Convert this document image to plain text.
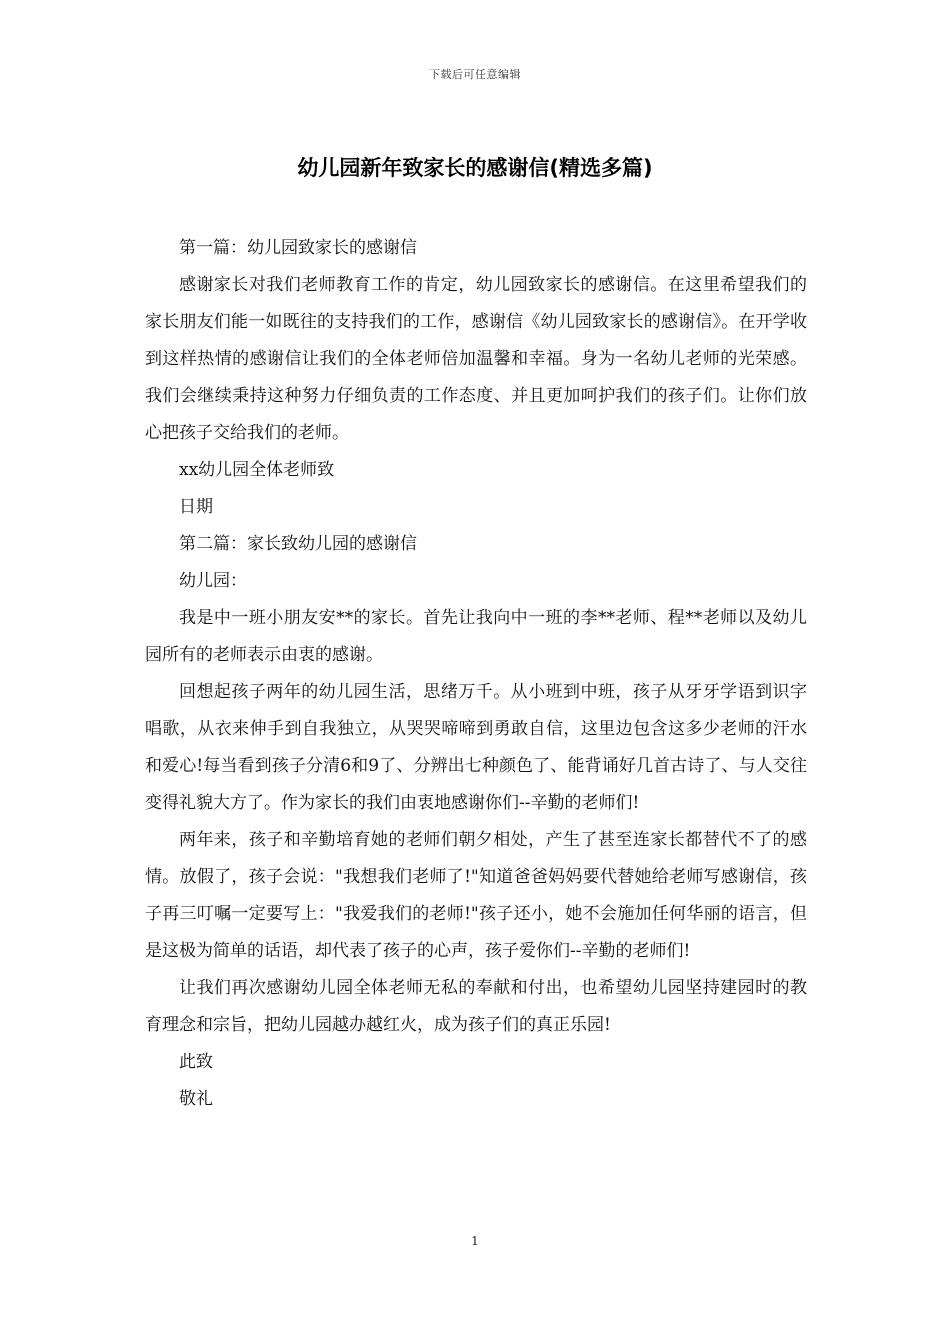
下载后可任意编辑
幼儿园新年致家长的感谢信(精选多篇)

第一篇：幼儿园致家长的感谢信

感谢家长对我们老师教育工作的肯定，幼儿园致家长的感谢信。在这里希望我们的家长朋友们能一如既往的支持我们的工作，感谢信《幼儿园致家长的感谢信》。在开学收到这样热情的感谢信让我们的全体老师倍加温馨和幸福。身为一名幼儿老师的光荣感。我们会继续秉持这种努力仔细负责的工作态度、并且更加呵护我们的孩子们。让你们放心把孩子交给我们的老师。

xx幼儿园全体老师致

日期

第二篇：家长致幼儿园的感谢信

幼儿园：

我是中一班小朋友安**的家长。首先让我向中一班的李**老师、程**老师以及幼儿园所有的老师表示由衷的感谢。

回想起孩子两年的幼儿园生活，思绪万千。从小班到中班，孩子从牙牙学语到识字唱歌，从衣来伸手到自我独立，从哭哭啼啼到勇敢自信，这里边包含这多少老师的汗水和爱心!每当看到孩子分清6和9了、分辨出七种颜色了、能背诵好几首古诗了、与人交往变得礼貌大方了。作为家长的我们由衷地感谢你们--辛勤的老师们!

两年来，孩子和辛勤培育她的老师们朝夕相处，产生了甚至连家长都替代不了的感情。放假了，孩子会说："我想我们老师了!"知道爸爸妈妈要代替她给老师写感谢信，孩子再三叮嘱一定要写上："我爱我们的老师!"孩子还小，她不会施加任何华丽的语言，但是这极为简单的话语，却代表了孩子的心声，孩子爱你们--辛勤的老师们!

让我们再次感谢幼儿园全体老师无私的奉献和付出，也希望幼儿园坚持建园时的教育理念和宗旨，把幼儿园越办越红火，成为孩子们的真正乐园!

此致

敬礼

1
